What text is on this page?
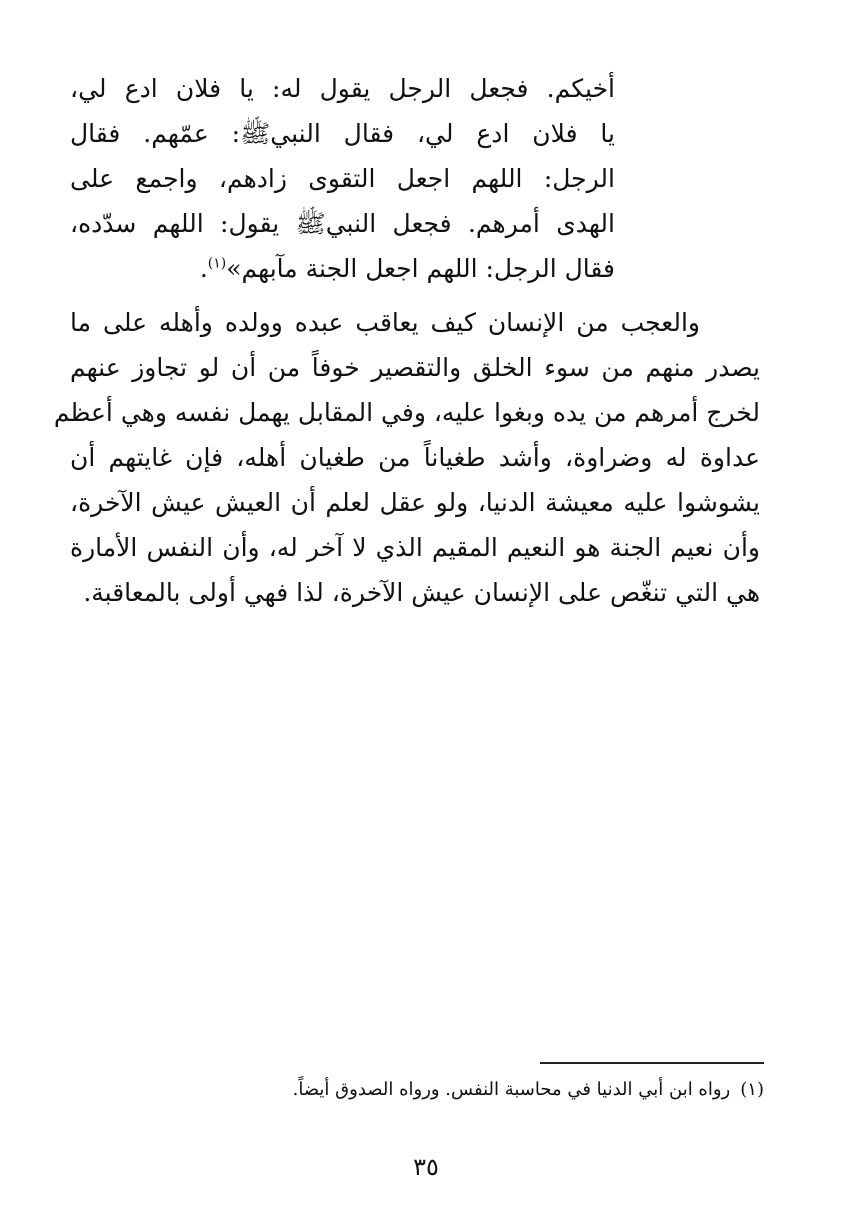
أخيكم. فجعل الرجل يقول له: يا فلان ادع لي،
يا فلان ادع لي، فقال النبيﷺ: عمّهم. فقال
الرجل: اللهم اجعل التقوى زادهم، واجمع على
الهدى أمرهم. فجعل النبيﷺ يقول: اللهم سدّده،
فقال الرجل: اللهم اجعل الجنة مآبهم»$^{(١)}$.
والعجب من الإنسان كيف يعاقب عبده وولده وأهله على ما
يصدر منهم من سوء الخلق والتقصير خوفاً من أن لو تجاوز عنهم
لخرج أمرهم من يده وبغوا عليه، وفي المقابل يهمل نفسه وهي أعظم
عداوة له وضراوة، وأشد طغياناً من طغيان أهله، فإن غايتهم أن
يشوشوا عليه معيشة الدنيا، ولو عقل لعلم أن العيش عيش الآخرة،
وأن نعيم الجنة هو النعيم المقيم الذي لا آخر له، وأن النفس الأمارة
هي التي تنغّص على الإنسان عيش الآخرة، لذا فهي أولى بالمعاقبة.
(١)رواه ابن أبي الدنيا في محاسبة النفس. ورواه الصدوق أيضاً.
٣٥
